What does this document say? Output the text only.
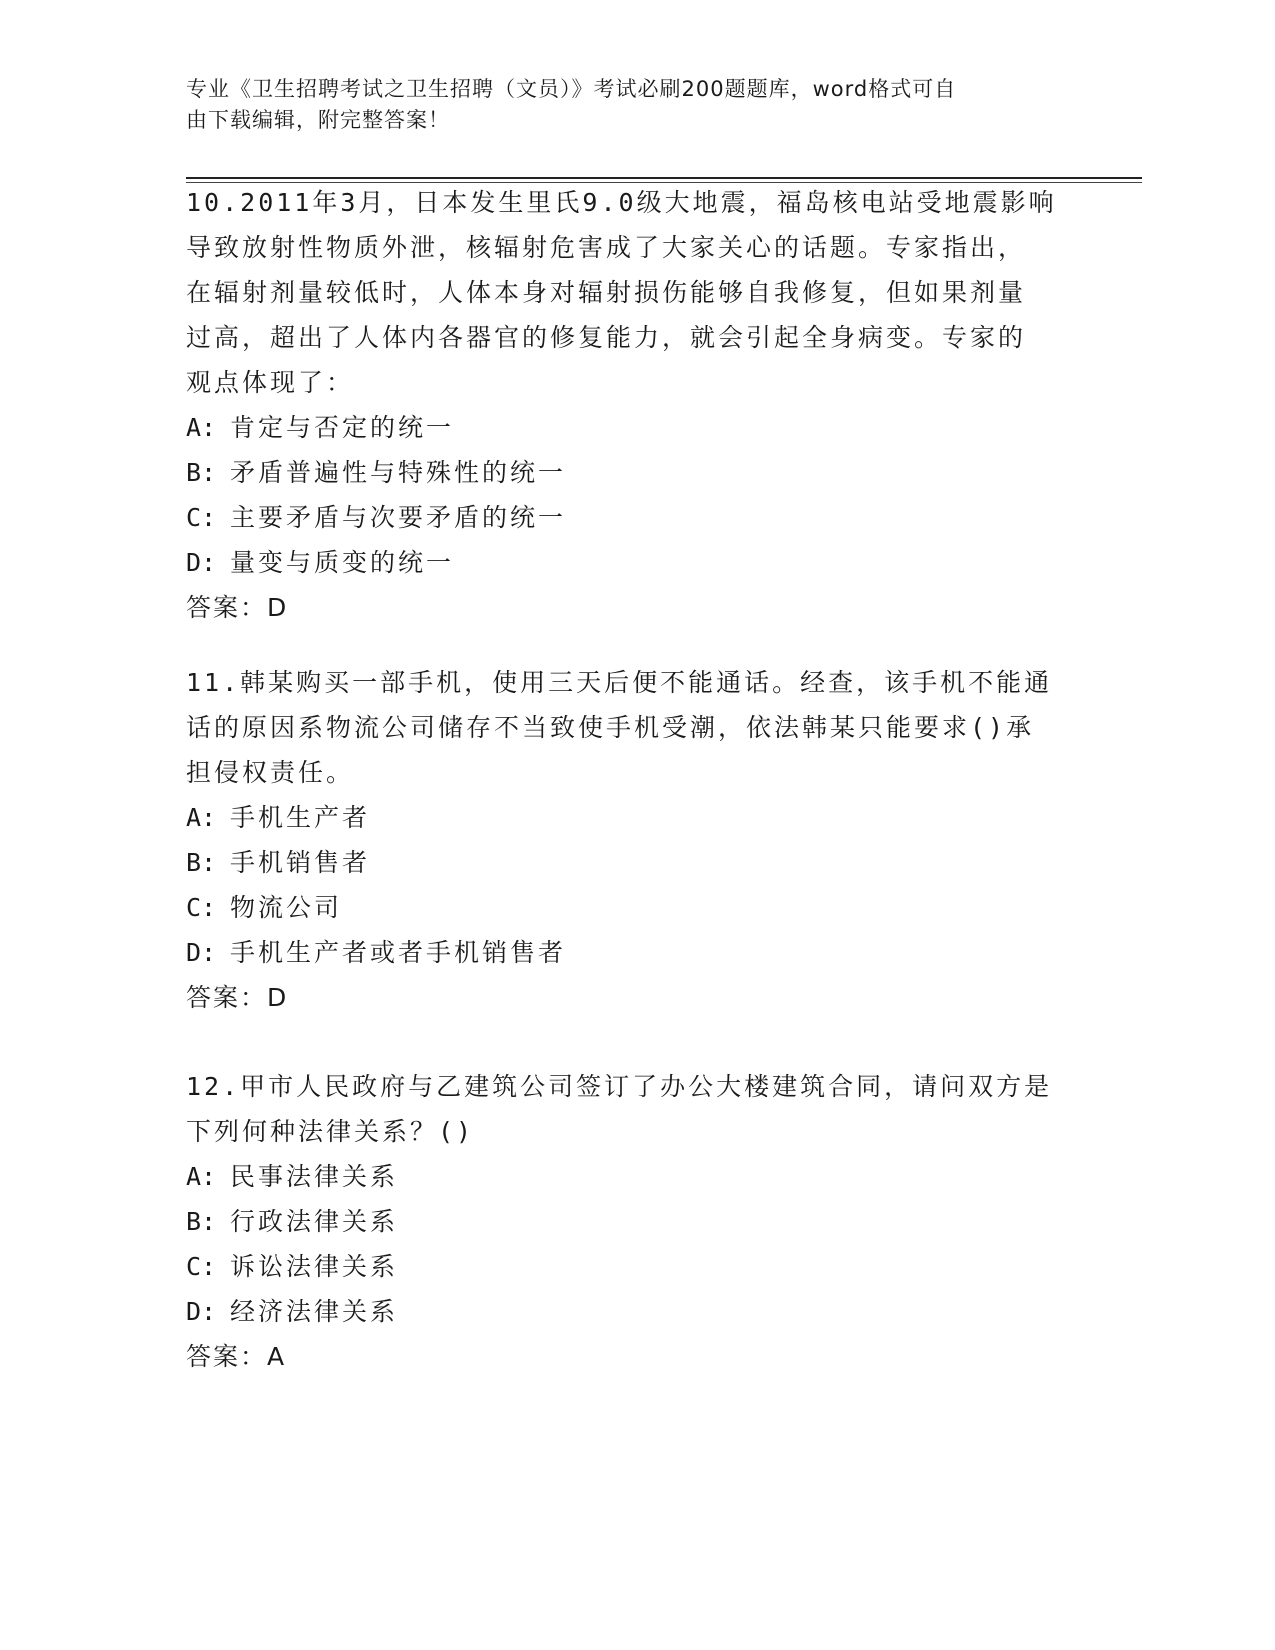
专业《卫生招聘考试之卫生招聘（文员）》考试必刷200题题库，word格式可自
由下载编辑，附完整答案！

10.2011年3月，日本发生里氏9.0级大地震，福岛核电站受地震影响

导致放射性物质外泄，核辐射危害成了大家关心的话题。专家指出，

在辐射剂量较低时，人体本身对辐射损伤能够自我修复，但如果剂量

过高，超出了人体内各器官的修复能力，就会引起全身病变。专家的

观点体现了：

A: 肯定与否定的统一

B: 矛盾普遍性与特殊性的统一

C: 主要矛盾与次要矛盾的统一

D: 量变与质变的统一

答案： D

11.韩某购买一部手机，使用三天后便不能通话。经查，该手机不能通

话的原因系物流公司储存不当致使手机受潮，依法韩某只能要求()承

担侵权责任。

A: 手机生产者

B: 手机销售者

C: 物流公司

D: 手机生产者或者手机销售者

答案： D

12.甲市人民政府与乙建筑公司签订了办公大楼建筑合同，请问双方是

下列何种法律关系？()

A: 民事法律关系

B: 行政法律关系

C: 诉讼法律关系

D: 经济法律关系

答案： A
